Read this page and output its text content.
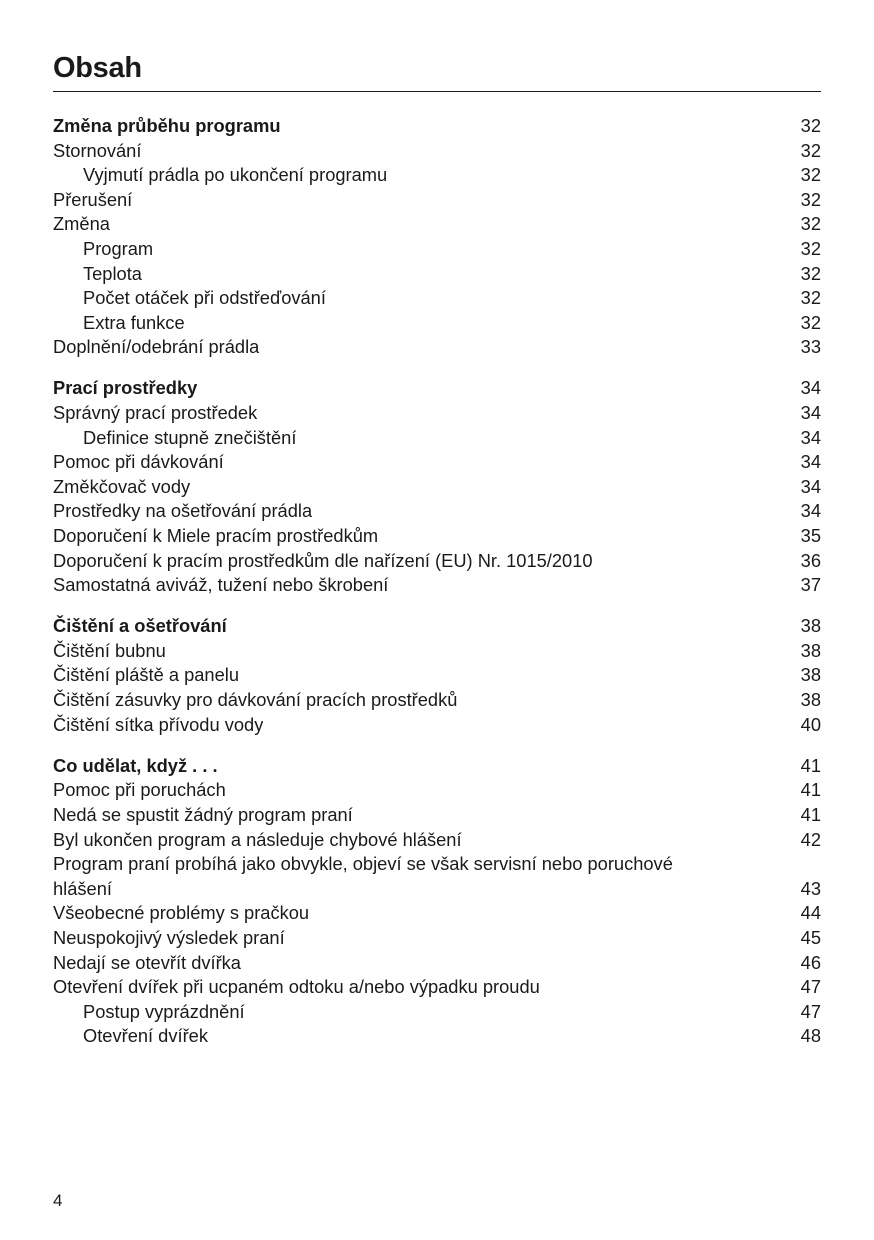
Obsah
Změna průběhu programu	32
Stornování	32
Vyjmutí prádla po ukončení programu	32
Přerušení	32
Změna	32
Program	32
Teplota	32
Počet otáček při odstřeďování	32
Extra funkce	32
Doplnění/odebrání prádla	33
Prací prostředky	34
Správný prací prostředek	34
Definice stupně znečištění	34
Pomoc při dávkování	34
Změkčovač vody	34
Prostředky na ošetřování prádla	34
Doporučení k Miele pracím prostředkům	35
Doporučení k pracím prostředkům dle nařízení (EU) Nr. 1015/2010	36
Samostatná aviváž, tužení nebo škrobení	37
Čištění a ošetřování	38
Čištění bubnu	38
Čištění pláště a panelu	38
Čištění zásuvky pro dávkování pracích prostředků	38
Čištění sítka přívodu vody	40
Co udělat, když . . .	41
Pomoc při poruchách	41
Nedá se spustit žádný program praní	41
Byl ukončen program a následuje chybové hlášení	42
Program praní probíhá jako obvykle, objeví se však servisní nebo poruchové
hlášení	43
Všeobecné problémy s pračkou	44
Neuspokojivý výsledek praní	45
Nedají se otevřít dvířka	46
Otevření dvířek při ucpaném odtoku a/nebo výpadku proudu	47
Postup vyprázdnění	47
Otevření dvířek	48
4
